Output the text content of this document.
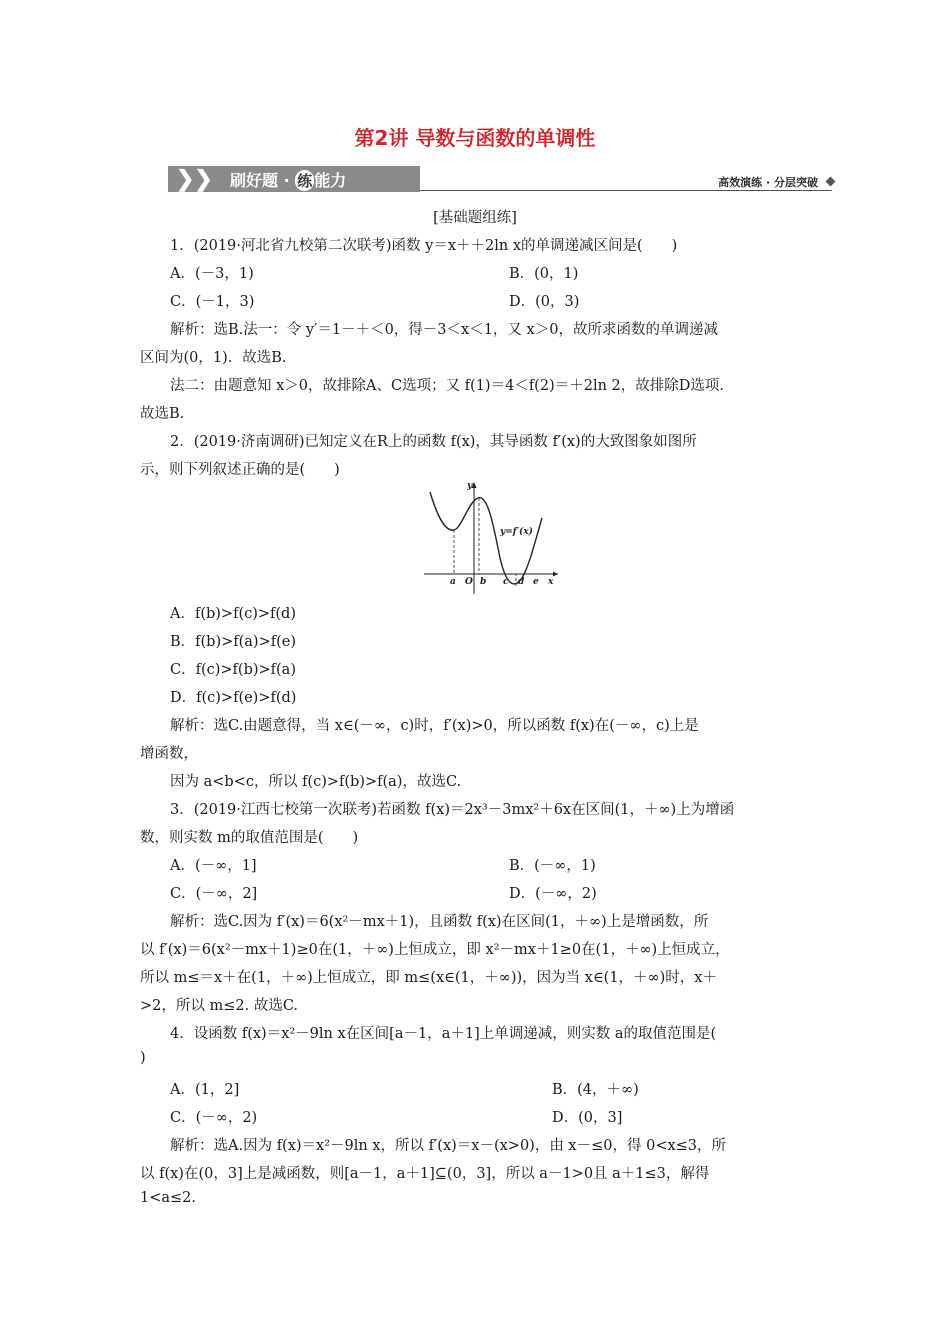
第2讲 导数与函数的单调性
❯❯ 刷好题 · 练 能力	高效演练 · 分层突破
[基础题组练]
1．(2019·河北省九校第二次联考)函数 y＝x＋＋2ln x的单调递减区间是(　　)
A．(－3，1)	B．(0，1)
C．(－1，3)	D．(0，3)
解析：选B.法一：令 y′＝1－＋＜0，得－3＜x＜1，又 x＞0，故所求函数的单调递减
区间为(0，1)．故选B.
法二：由题意知 x＞0，故排除A、C选项；又 f(1)＝4＜f(2)＝＋2ln 2，故排除D选项.
故选B.
2．(2019·济南调研)已知定义在R上的函数 f(x)，其导函数 f′(x)的大致图象如图所
示，则下列叙述正确的是(　　)
y
y=f′(x)
a O b c d e x
A．f(b)>f(c)>f(d)
B．f(b)>f(a)>f(e)
C．f(c)>f(b)>f(a)
D．f(c)>f(e)>f(d)
解析：选C.由题意得，当 x∈(－∞，c)时，f′(x)>0，所以函数 f(x)在(－∞，c)上是
增函数，
因为 a<b<c，所以 f(c)>f(b)>f(a)，故选C.
3．(2019·江西七校第一次联考)若函数 f(x)＝2x³－3mx²＋6x在区间(1，＋∞)上为增函
数，则实数 m的取值范围是(　　)
A．(－∞，1]	B．(－∞，1)
C．(－∞，2]	D．(－∞，2)
解析：选C.因为 f′(x)＝6(x²－mx＋1)，且函数 f(x)在区间(1，＋∞)上是增函数，所
以 f′(x)＝6(x²－mx＋1)≥0在(1，＋∞)上恒成立，即 x²－mx＋1≥0在(1，＋∞)上恒成立，
所以 m≤＝x＋在(1，＋∞)上恒成立，即 m≤(x∈(1，＋∞))，因为当 x∈(1，＋∞)时，x＋
>2，所以 m≤2. 故选C.
4．设函数 f(x)＝x²－9ln x在区间[a－1，a＋1]上单调递减，则实数 a的取值范围是(
)
A．(1，2]	B．(4，＋∞)
C．(－∞，2)	D．(0，3]
解析：选A.因为 f(x)＝x²－9ln x，所以 f′(x)＝x－(x>0)，由 x－≤0，得 0<x≤3，所
以 f(x)在(0，3]上是减函数，则[a－1，a＋1]⊆(0，3]，所以 a－1>0且 a＋1≤3，解得
1<a≤2.
